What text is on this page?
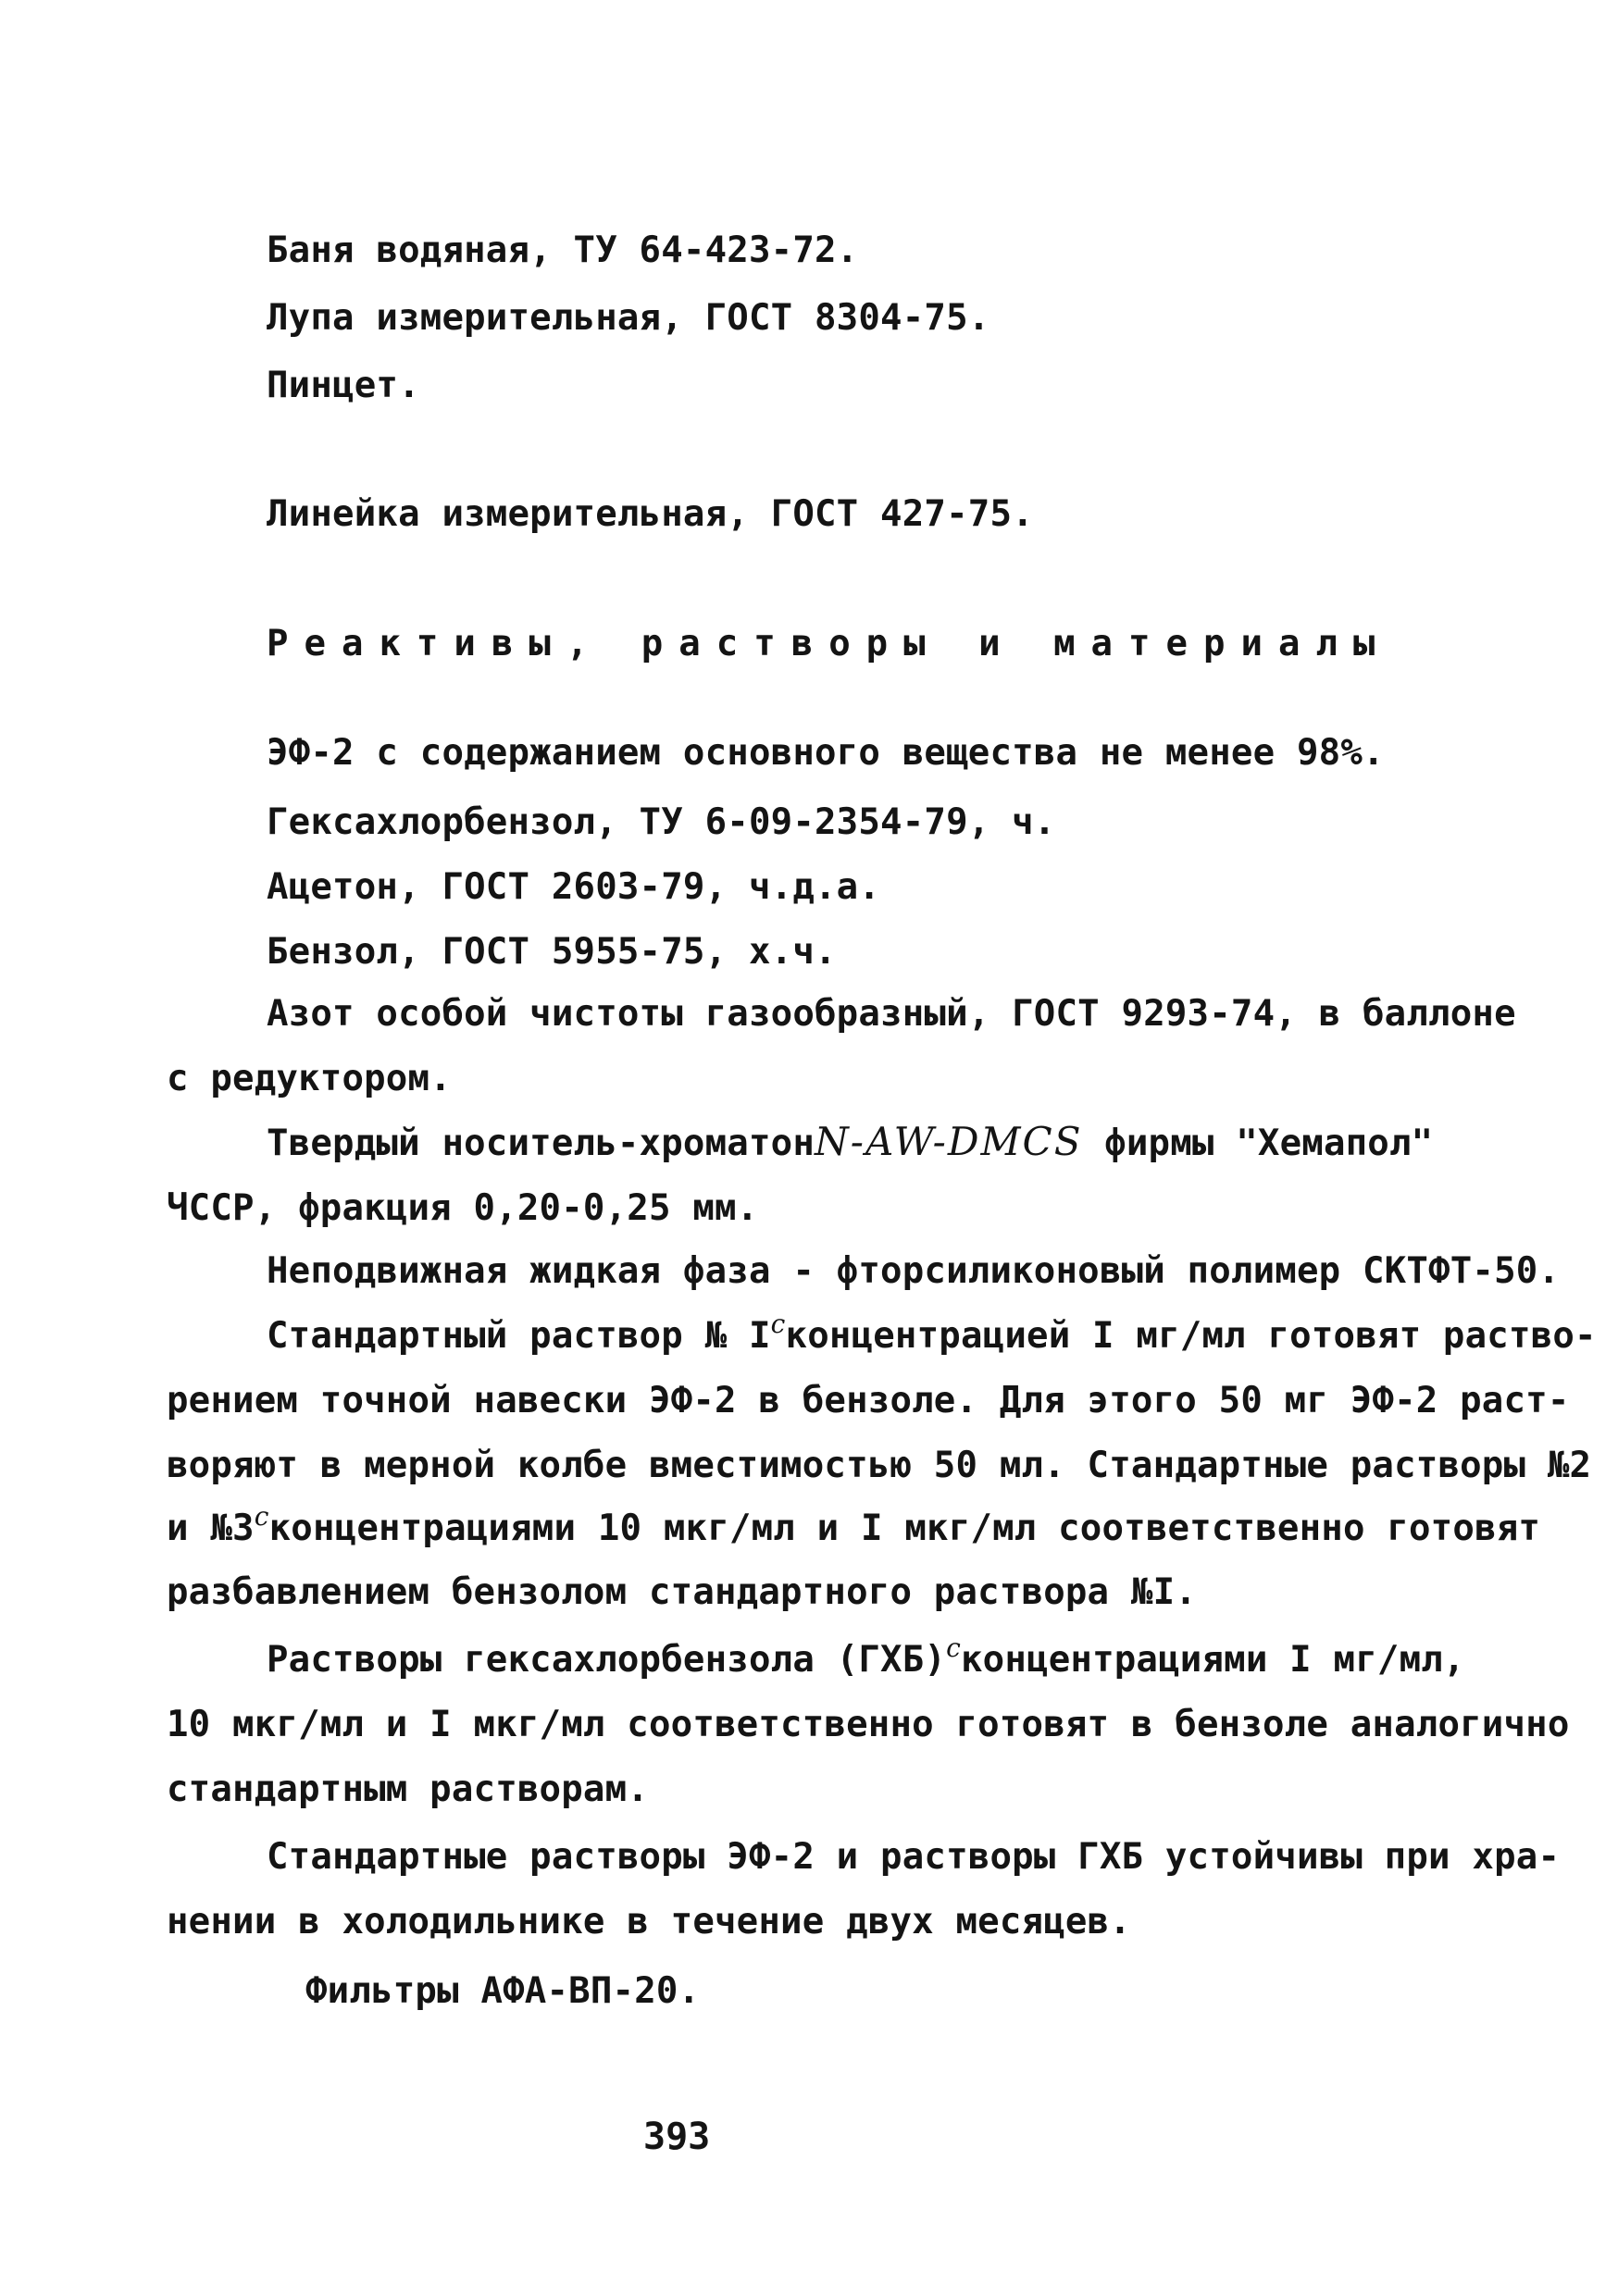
Баня водяная, ТУ 64-423-72.
Лупа измерительная, ГОСТ 8304-75.
Пинцет.
Линейка измерительная, ГОСТ 427-75.
Реактивы, растворы и материалы
ЭФ-2 с содержанием основного вещества не менее 98%.
Гексахлорбензол, ТУ 6-09-2354-79, ч.
Ацетон, ГОСТ 2603-79, ч.д.а.
Бензол, ГОСТ 5955-75, х.ч.
Азот особой чистоты газообразный, ГОСТ 9293-74, в баллоне
с редуктором.
Твердый носитель-хроматонN-AW-DMCS фирмы "Хемапол"
ЧССР, фракция 0,20-0,25 мм.
Неподвижная жидкая фаза - фторсиликоновый полимер СКТФТ-50.
Стандартный раствор № I$^с$концентрацией I мг/мл готовят раство-
рением точной навески ЭФ-2 в бензоле. Для этого 50 мг ЭФ-2 раст-
воряют в мерной колбе вместимостью 50 мл. Стандартные растворы №2
и №3$^с$концентрациями 10 мкг/мл и I мкг/мл соответственно готовят
разбавлением бензолом стандартного раствора №I.
Растворы гексахлорбензола (ГХБ)$^с$концентрациями I мг/мл,
10 мкг/мл и I мкг/мл соответственно готовят в бензоле аналогично
стандартным растворам.
Стандартные растворы ЭФ-2 и растворы ГХБ устойчивы при хра-
нении в холодильнике в течение двух месяцев.
Фильтры АФА-ВП-20.
393
